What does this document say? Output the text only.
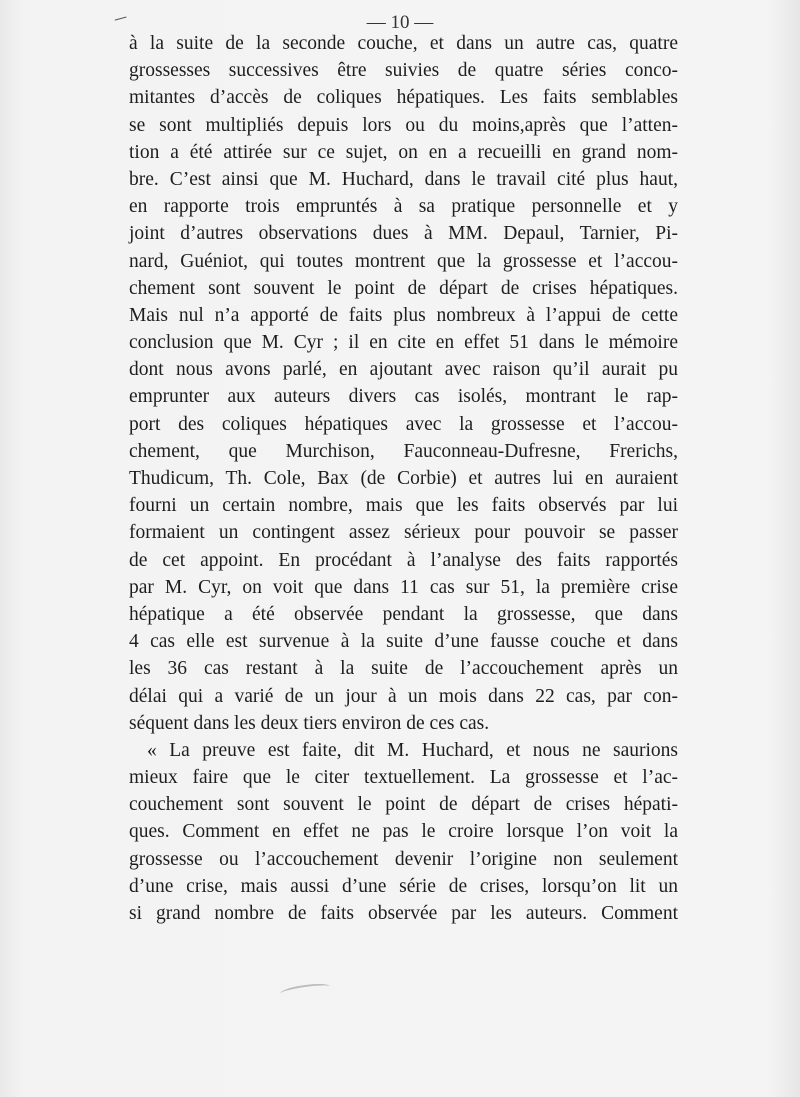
— 10 —
à la suite de la seconde couche, et dans un autre cas, quatre
grossesses successives être suivies de quatre séries conco-
mitantes d’accès de coliques hépatiques. Les faits semblables
se sont multipliés depuis lors ou du moins,après que l’atten-
tion a été attirée sur ce sujet, on en a recueilli en grand nom-
bre. C’est ainsi que M. Huchard, dans le travail cité plus haut,
en rapporte trois empruntés à sa pratique personnelle et y
joint d’autres observations dues à MM. Depaul, Tarnier, Pi-
nard, Guéniot, qui toutes montrent que la grossesse et l’accou-
chement sont souvent le point de départ de crises hépatiques.
Mais nul n’a apporté de faits plus nombreux à l’appui de cette
conclusion que M. Cyr ; il en cite en effet 51 dans le mémoire
dont nous avons parlé, en ajoutant avec raison qu’il aurait pu
emprunter aux auteurs divers cas isolés, montrant le rap-
port des coliques hépatiques avec la grossesse et l’accou-
chement, que Murchison, Fauconneau-Dufresne, Frerichs,
Thudicum, Th. Cole, Bax (de Corbie) et autres lui en auraient
fourni un certain nombre, mais que les faits observés par lui
formaient un contingent assez sérieux pour pouvoir se passer
de cet appoint. En procédant à l’analyse des faits rapportés
par M. Cyr, on voit que dans 11 cas sur 51, la première crise
hépatique a été observée pendant la grossesse, que dans
4 cas elle est survenue à la suite d’une fausse couche et dans
les 36 cas restant à la suite de l’accouchement après un
délai qui a varié de un jour à un mois dans 22 cas, par con-
séquent dans les deux tiers environ de ces cas.
« La preuve est faite, dit M. Huchard, et nous ne saurions
mieux faire que le citer textuellement. La grossesse et l’ac-
couchement sont souvent le point de départ de crises hépati-
ques. Comment en effet ne pas le croire lorsque l’on voit la
grossesse ou l’accouchement devenir l’origine non seulement
d’une crise, mais aussi d’une série de crises, lorsqu’on lit un
si grand nombre de faits observée par les auteurs. Comment
